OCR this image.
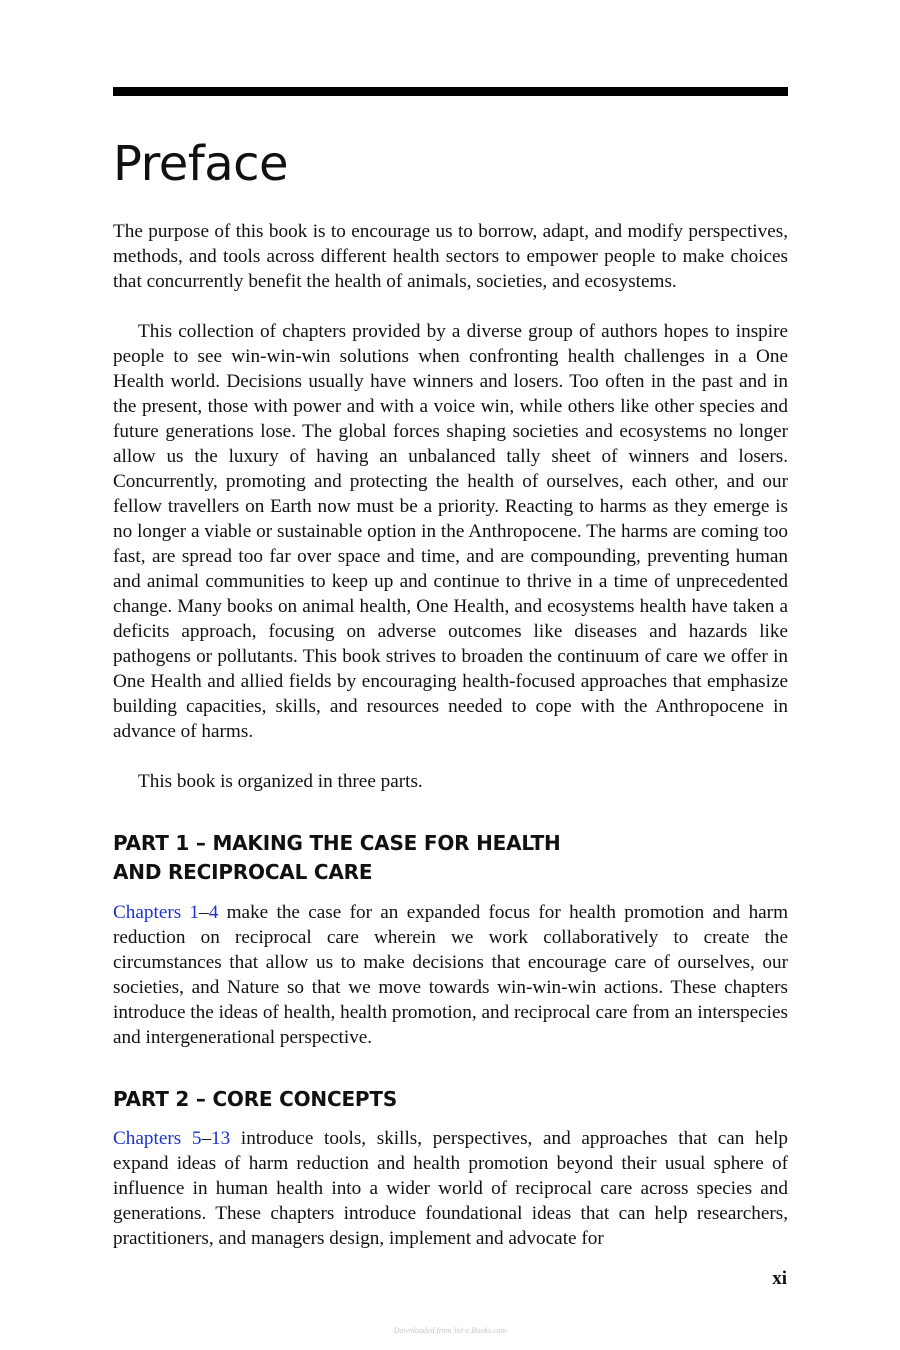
Preface

The purpose of this book is to encourage us to borrow, adapt, and modify perspectives, methods, and tools across different health sectors to empower people to make choices that concurrently benefit the health of animals, societies, and ecosystems.

This collection of chapters provided by a diverse group of authors hopes to inspire people to see win-win-win solutions when confronting health challenges in a One Health world. Decisions usually have winners and losers. Too often in the past and in the present, those with power and with a voice win, while others like other species and future generations lose. The global forces shaping societies and ecosystems no longer allow us the luxury of having an unbalanced tally sheet of winners and losers. Concurrently, promoting and protecting the health of ourselves, each other, and our fellow travellers on Earth now must be a priority. Reacting to harms as they emerge is no longer a viable or sustainable option in the Anthropocene. The harms are coming too fast, are spread too far over space and time, and are compounding, preventing human and animal communities to keep up and continue to thrive in a time of unprecedented change. Many books on animal health, One Health, and ecosystems health have taken a deficits approach, focusing on adverse outcomes like diseases and hazards like pathogens or pollutants. This book strives to broaden the continuum of care we offer in One Health and allied fields by encouraging health-focused approaches that emphasize building capacities, skills, and resources needed to cope with the Anthropocene in advance of harms.

This book is organized in three parts.

PART 1 – MAKING THE CASE FOR HEALTH
AND RECIPROCAL CARE

Chapters 1–4 make the case for an expanded focus for health promotion and harm reduction on reciprocal care wherein we work collaboratively to create the circumstances that allow us to make decisions that encourage care of ourselves, our societies, and Nature so that we move towards win-win-win actions. These chapters introduce the ideas of health, health promotion, and reciprocal care from an interspecies and intergenerational perspective.

PART 2 – CORE CONCEPTS

Chapters 5–13 introduce tools, skills, perspectives, and approaches that can help expand ideas of harm reduction and health promotion beyond their usual sphere of influence in human health into a wider world of reciprocal care across species and generations. These chapters introduce foundational ideas that can help researchers, practitioners, and managers design, implement and advocate for

xi
Downloaded from Vet-e.Books.com
